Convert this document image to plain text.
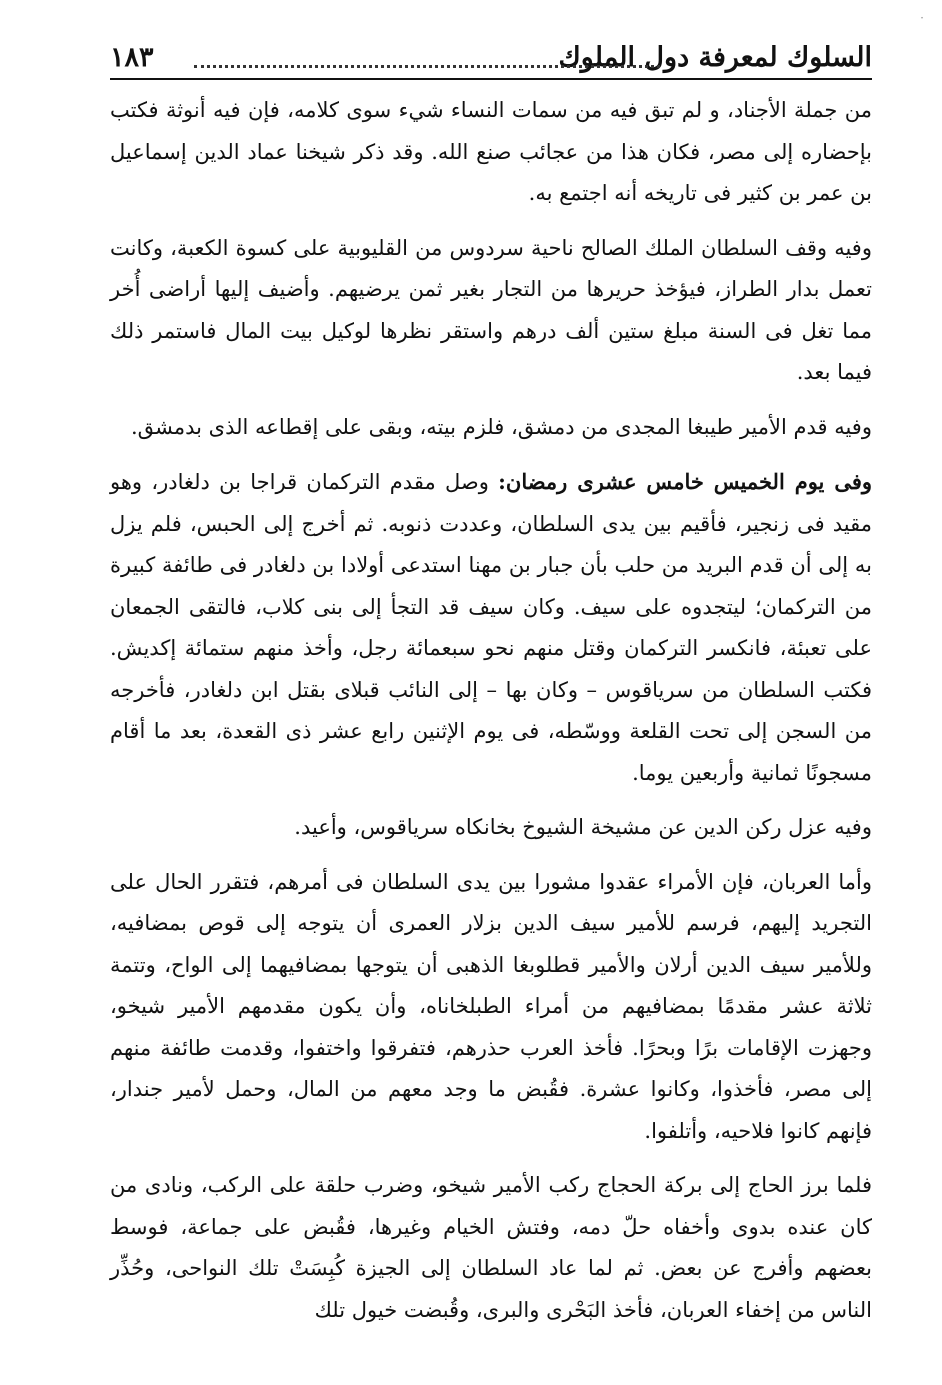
·
السلوك لمعرفة دول الملوك
١٨٣

من جملة الأجناد، و لم تبق فيه من سمات النساء شيء سوى كلامه، فإن فيه أنوثة فكتب بإحضاره إلى مصر، فكان هذا من عجائب صنع الله. وقد ذكر شيخنا عماد الدين إسماعيل بن عمر بن كثير فى تاريخه أنه اجتمع به.

وفيه وقف السلطان الملك الصالح ناحية سردوس من القليوبية على كسوة الكعبة، وكانت تعمل بدار الطراز، فيؤخذ حريرها من التجار بغير ثمن يرضيهم. وأضيف إليها أراضى أُخر مما تغل فى السنة مبلغ ستين ألف درهم واستقر نظرها لوكيل بيت المال فاستمر ذلك فيما بعد.

وفيه قدم الأمير طيبغا المجدى من دمشق، فلزم بيته، وبقى على إقطاعه الذى بدمشق.

وفى يوم الخميس خامس عشرى رمضان: وصل مقدم التركمان قراجا بن دلغادر، وهو مقيد فى زنجير، فأقيم بين يدى السلطان، وعددت ذنوبه. ثم أخرج إلى الحبس، فلم يزل به إلى أن قدم البريد من حلب بأن جبار بن مهنا استدعى أولادا بن دلغادر فى طائفة كبيرة من التركمان؛ ليتجدوه على سيف. وكان سيف قد التجأ إلى بنى كلاب، فالتقى الجمعان على تعبئة، فانكسر التركمان وقتل منهم نحو سبعمائة رجل، وأخذ منهم ستمائة إكديش. فكتب السلطان من سرياقوس – وكان بها – إلى النائب قبلاى بقتل ابن دلغادر، فأخرجه من السجن إلى تحت القلعة ووسّطه، فى يوم الإثنين رابع عشر ذى القعدة، بعد ما أقام مسجونًا ثمانية وأربعين يوما.

وفيه عزل ركن الدين عن مشيخة الشيوخ بخانكاه سرياقوس، وأعيد.

وأما العربان، فإن الأمراء عقدوا مشورا بين يدى السلطان فى أمرهم، فتقرر الحال على التجريد إليهم، فرسم للأمير سيف الدين بزلار العمرى أن يتوجه إلى قوص بمضافيه، وللأمير سيف الدين أرلان والأمير قطلوبغا الذهبى أن يتوجها بمضافيهما إلى الواح، وتتمة ثلاثة عشر مقدمًا بمضافيهم من أمراء الطبلخاناه، وأن يكون مقدمهم الأمير شيخو، وجهزت الإقامات برًا وبحرًا. فأخذ العرب حذرهم، فتفرقوا واختفوا، وقدمت طائفة منهم إلى مصر، فأخذوا، وكانوا عشرة. فقُبض ما وجد معهم من المال، وحمل لأمير جندار، فإنهم كانوا فلاحيه، وأتلفوا.

فلما برز الحاج إلى بركة الحجاج ركب الأمير شيخو، وضرب حلقة على الركب، ونادى من كان عنده بدوى وأخفاه حلّ دمه، وفتش الخيام وغيرها، فقُبض على جماعة، فوسط بعضهم وأفرج عن بعض. ثم لما عاد السلطان إلى الجيزة كُبِسَتْ تلك النواحى، وحُذِّر الناس من إخفاء العربان، فأخذ البَحْرى والبرى، وقُبضت خيول تلك
